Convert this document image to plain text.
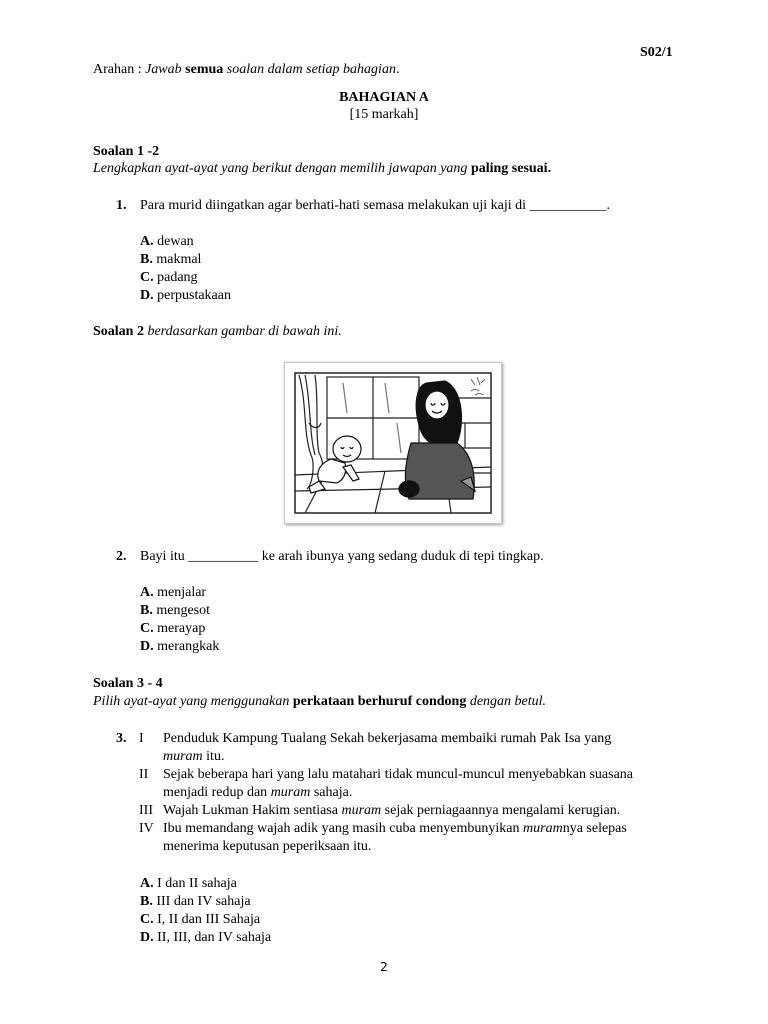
S02/1
Arahan : Jawab semua soalan dalam setiap bahagian.
BAHAGIAN A
[15 markah]
Soalan 1 -2
Lengkapkan ayat-ayat yang berikut dengan memilih jawapan yang paling sesuai.
1. Para murid diingatkan agar berhati-hati semasa melakukan uji kaji di ___________.
A. dewan
B. makmal
C. padang
D. perpustakaan
Soalan 2 berdasarkan gambar di bawah ini.
2. Bayi itu __________ ke arah ibunya yang sedang duduk di tepi tingkap.
A. menjalar
B. mengesot
C. merayap
D. merangkak
Soalan 3 - 4
Pilih ayat-ayat yang menggunakan perkataan berhuruf condong dengan betul.
3. I Penduduk Kampung Tualang Sekah bekerjasama membaiki rumah Pak Isa yang
muram itu.
II Sejak beberapa hari yang lalu matahari tidak muncul-muncul menyebabkan suasana
menjadi redup dan muram sahaja.
III Wajah Lukman Hakim sentiasa muram sejak perniagaannya mengalami kerugian.
IV Ibu memandang wajah adik yang masih cuba menyembunyikan muramnya selepas
menerima keputusan peperiksaan itu.
A. I dan II sahaja
B. III dan IV sahaja
C. I, II dan III Sahaja
D. II, III, dan IV sahaja
2
